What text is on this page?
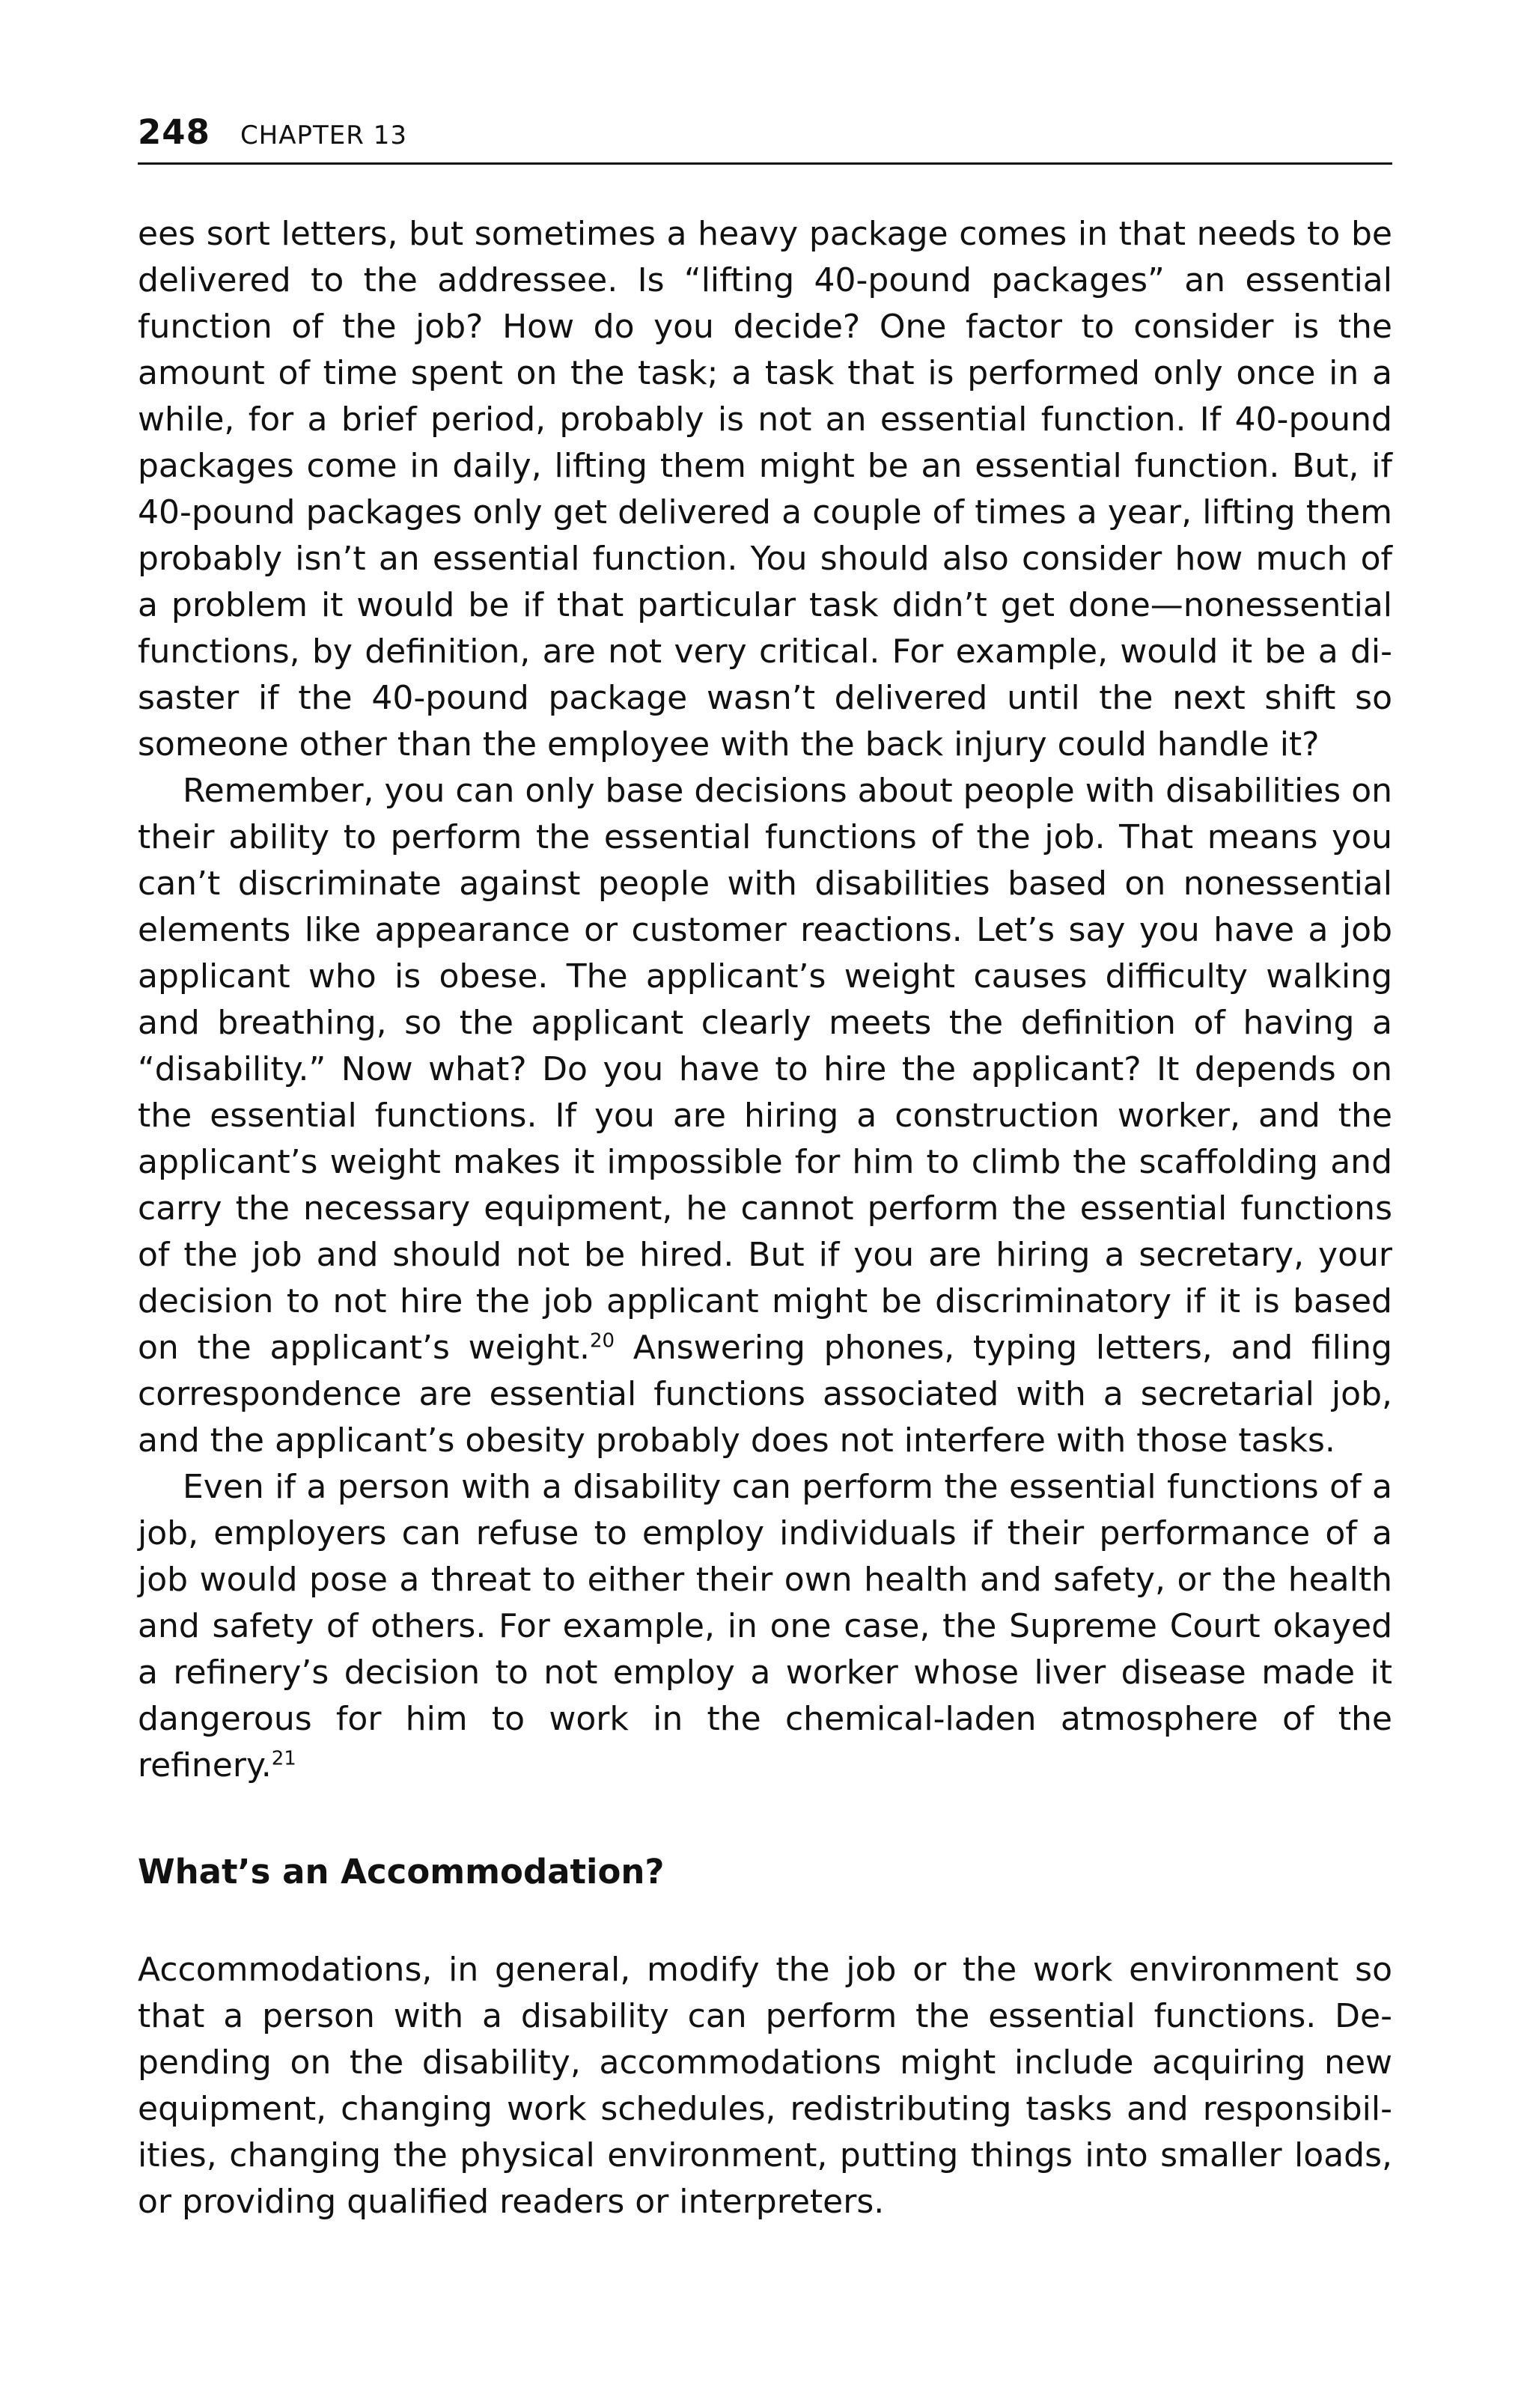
248 CHAPTER 13

ees sort letters, but sometimes a heavy package comes in that needs to be delivered to the addressee. Is “lifting 40-pound packages” an essential function of the job? How do you decide? One factor to consider is the amount of time spent on the task; a task that is performed only once in a while, for a brief period, probably is not an essential function. If 40-pound packages come in daily, lifting them might be an essential function. But, if 40-pound packages only get delivered a couple of times a year, lifting them probably isn’t an essential function. You should also consider how much of a problem it would be if that particular task didn’t get done—nonessential functions, by definition, are not very critical. For example, would it be a disaster if the 40-pound package wasn’t delivered until the next shift so someone other than the employee with the back injury could handle it?

Remember, you can only base decisions about people with disabilities on their ability to perform the essential functions of the job. That means you can’t discriminate against people with disabilities based on nonessential elements like appearance or customer reactions. Let’s say you have a job applicant who is obese. The applicant’s weight causes difficulty walking and breathing, so the applicant clearly meets the definition of having a “disability.” Now what? Do you have to hire the applicant? It depends on the essential functions. If you are hiring a construction worker, and the applicant’s weight makes it impossible for him to climb the scaffolding and carry the necessary equipment, he cannot perform the essential functions of the job and should not be hired. But if you are hiring a secretary, your decision to not hire the job applicant might be discriminatory if it is based on the applicant’s weight.$^{20}$ Answering phones, typing letters, and filing correspondence are essential functions associated with a secretarial job, and the applicant’s obesity probably does not interfere with those tasks.

Even if a person with a disability can perform the essential functions of a job, employers can refuse to employ individuals if their performance of a job would pose a threat to either their own health and safety, or the health and safety of others. For example, in one case, the Supreme Court okayed a refinery’s decision to not employ a worker whose liver disease made it dangerous for him to work in the chemical-laden atmosphere of the refinery.$^{21}$

What’s an Accommodation?

Accommodations, in general, modify the job or the work environment so that a person with a disability can perform the essential functions. Depending on the disability, accommodations might include acquiring new equipment, changing work schedules, redistributing tasks and responsibilities, changing the physical environment, putting things into smaller loads, or providing qualified readers or interpreters.
